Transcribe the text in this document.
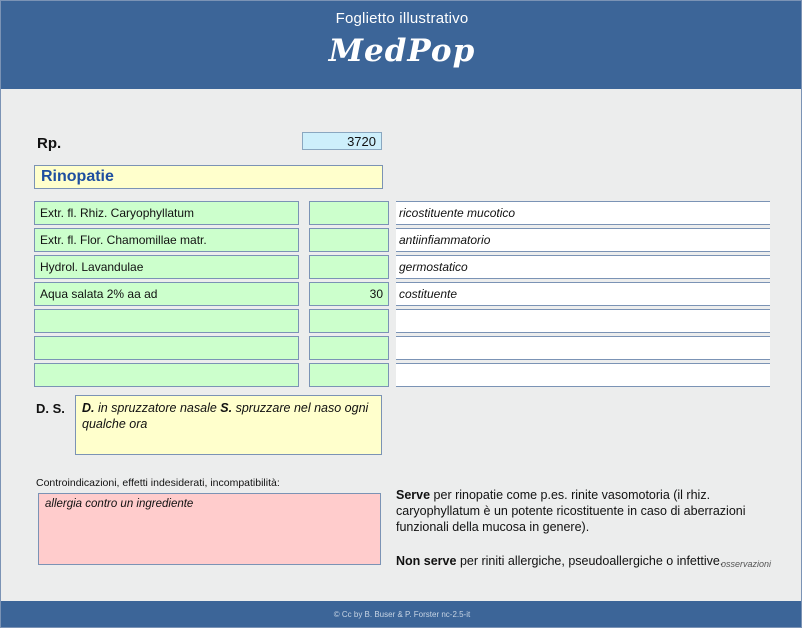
Foglietto illustrativo
MedPop
Rp.	3720
Rinopatie
Extr. fl. Rhiz. Caryophyllatum	ricostituente mucotico
Extr. fl. Flor. Chamomillae matr.	antiinfiammatorio
Hydrol. Lavandulae	germostatico
Aqua salata 2% aa ad	30	costituente
D. S.	D. in spruzzatore nasale S. spruzzare nel naso ogni qualche ora
Serve per rinopatie come p.es. rinite vasomotoria (il rhiz. caryophyllatum è un potente ricostituente in caso di aberrazioni funzionali della mucosa in genere).
Non serve per riniti allergiche, pseudoallergiche o infettive.
Controindicazioni, effetti indesiderati, incompatibilità:
allergia contro un ingrediente
osservazioni
© Cc by B. Buser & P. Forster nc-2.5-it
